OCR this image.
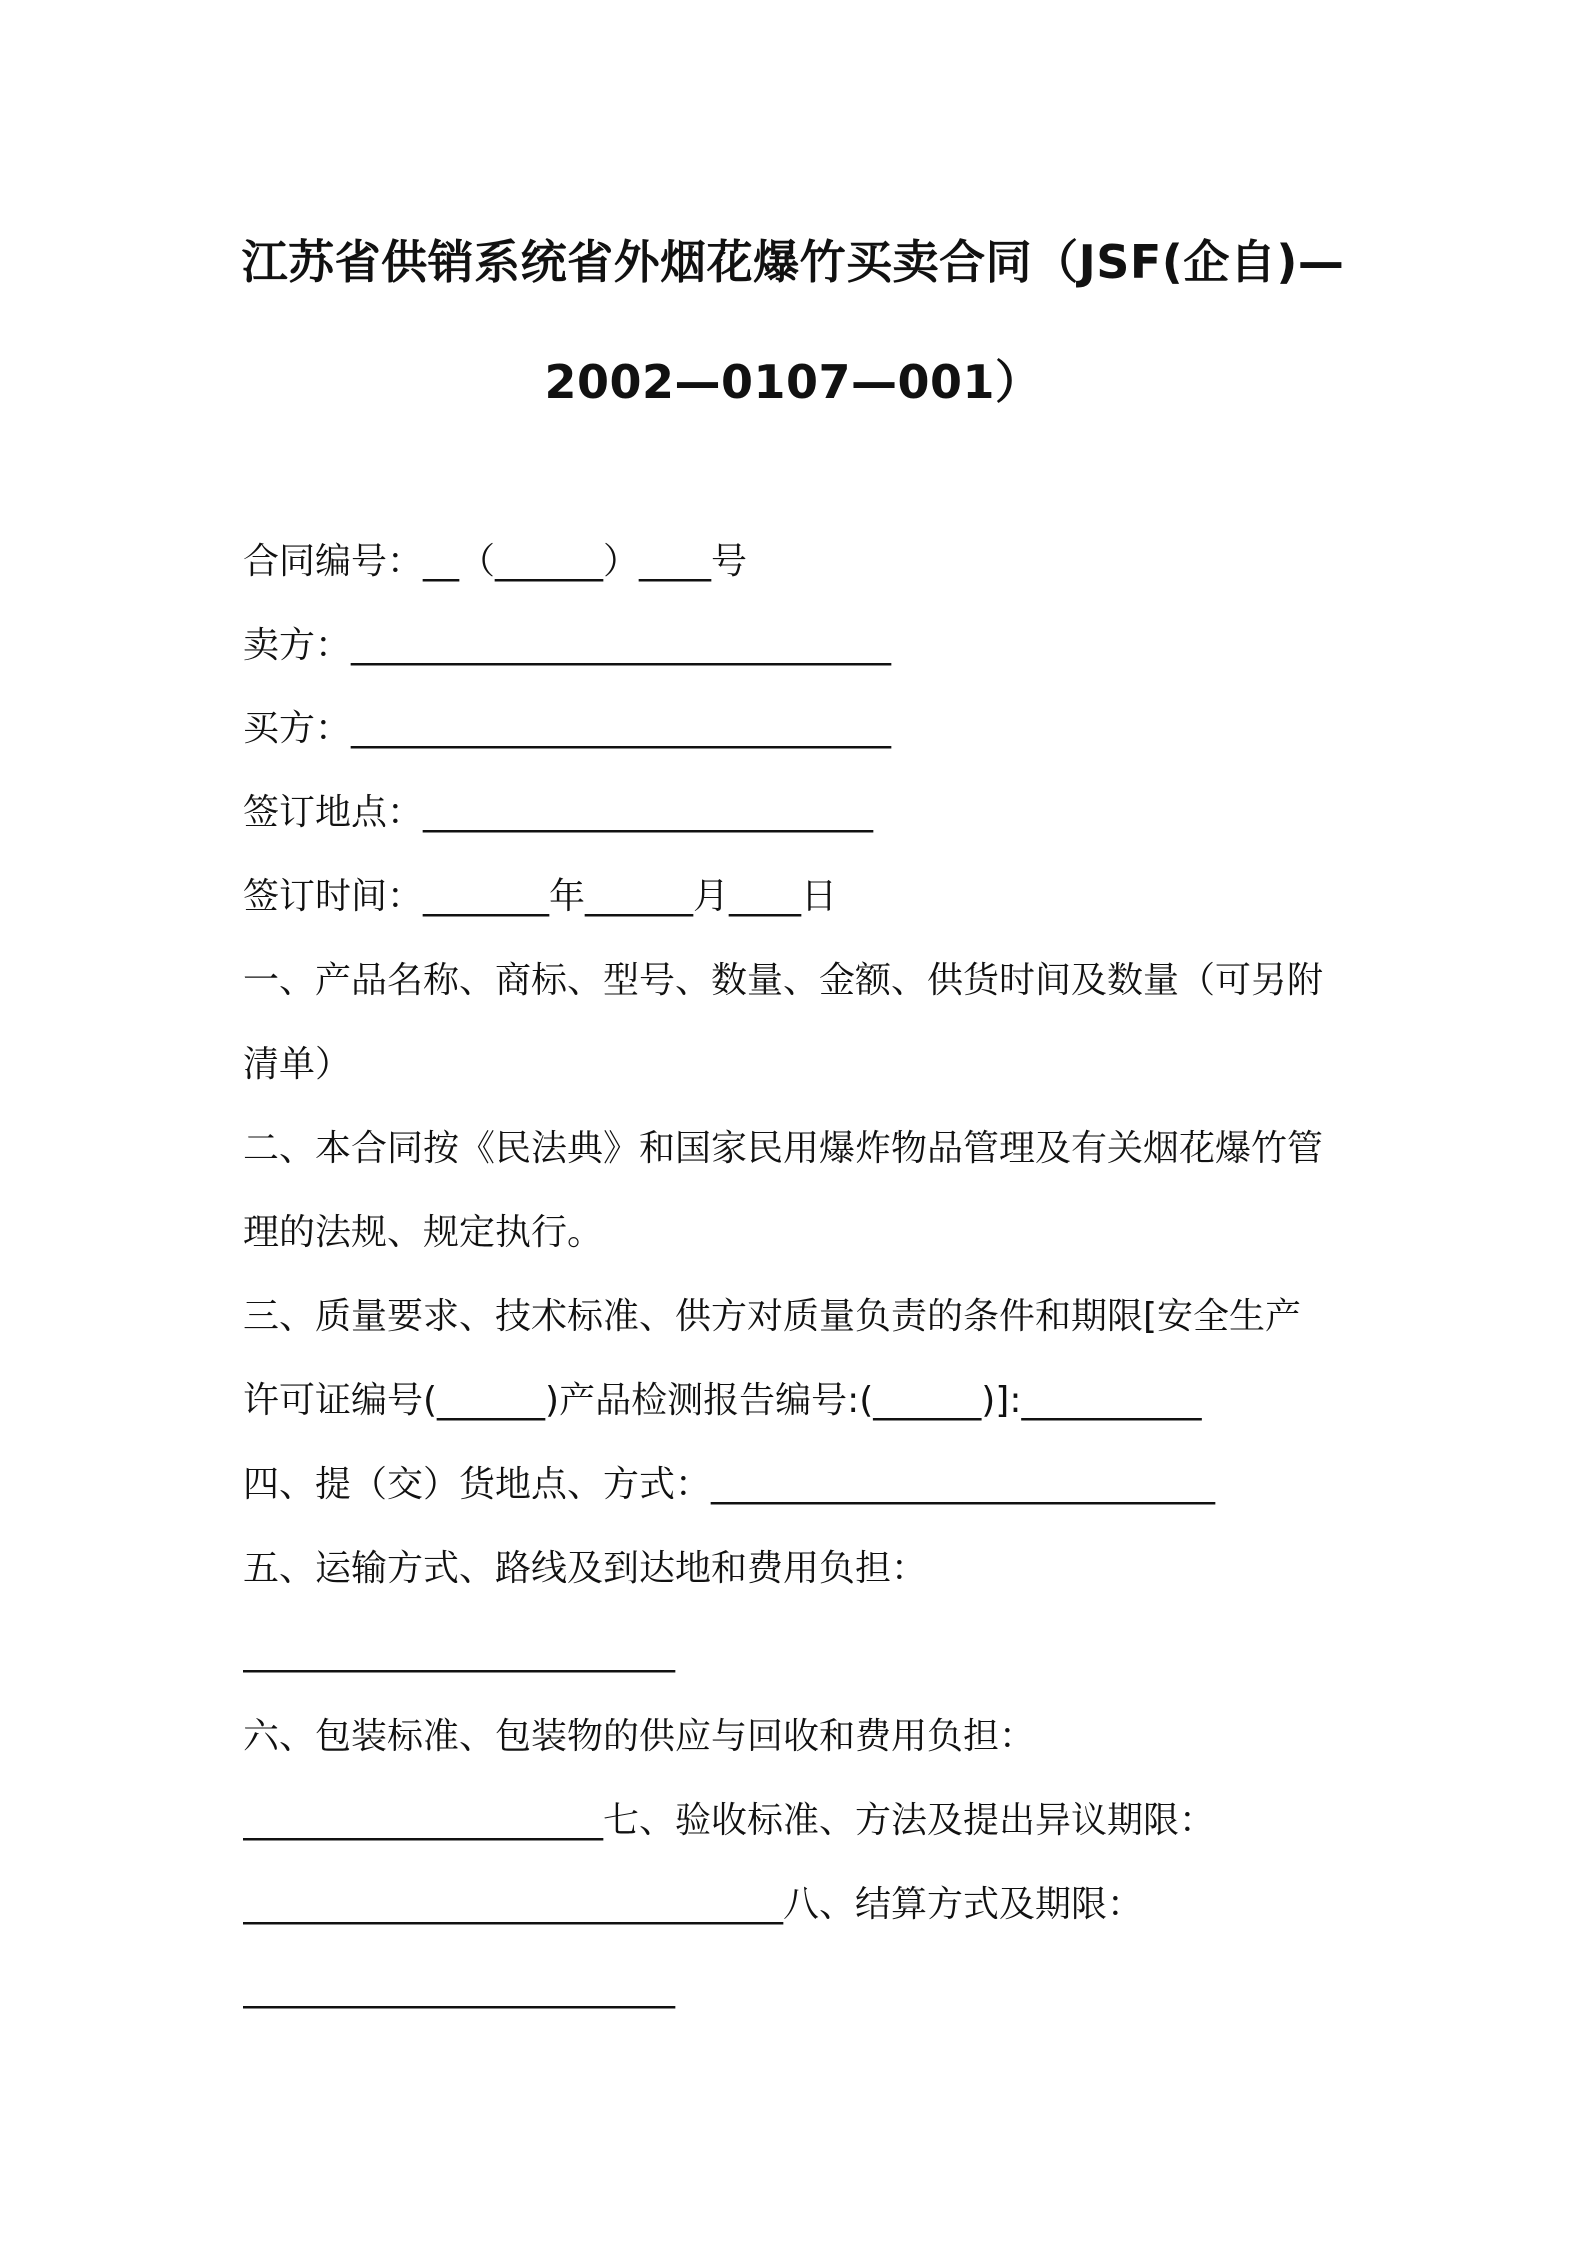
江苏省供销系统省外烟花爆竹买卖合同（JSF(企自)—
2002—0107—001）
合同编号：__（______）____号
卖方：______________________________
买方：______________________________
签订地点：_________________________
签订时间：_______年______月____日
一、产品名称、商标、型号、数量、金额、供货时间及数量（可另附
清单）
二、本合同按《民法典》和国家民用爆炸物品管理及有关烟花爆竹管
理的法规、规定执行。
三、质量要求、技术标准、供方对质量负责的条件和期限[安全生产
许可证编号(______)产品检测报告编号:(______)]:__________
四、提（交）货地点、方式：____________________________
五、运输方式、路线及到达地和费用负担：
________________________
六、包装标准、包装物的供应与回收和费用负担：
____________________七、验收标准、方法及提出异议期限：
______________________________八、结算方式及期限：
________________________
